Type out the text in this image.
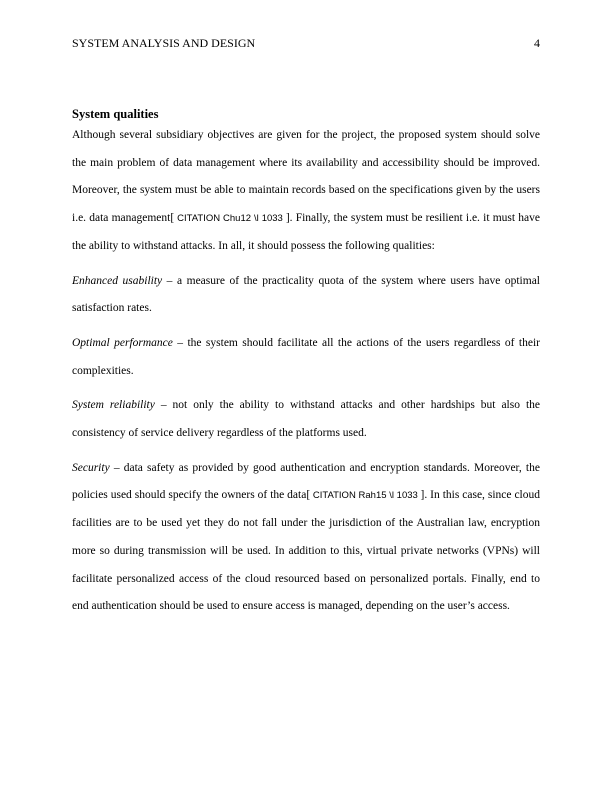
SYSTEM ANALYSIS AND DESIGN	4
System qualities

Although several subsidiary objectives are given for the project, the proposed system should solve the main problem of data management where its availability and accessibility should be improved. Moreover, the system must be able to maintain records based on the specifications given by the users i.e. data management[ CITATION Chu12 \l 1033 ]. Finally, the system must be resilient i.e. it must have the ability to withstand attacks. In all, it should possess the following qualities:

Enhanced usability – a measure of the practicality quota of the system where users have optimal satisfaction rates.

Optimal performance – the system should facilitate all the actions of the users regardless of their complexities.

System reliability – not only the ability to withstand attacks and other hardships but also the consistency of service delivery regardless of the platforms used.

Security – data safety as provided by good authentication and encryption standards. Moreover, the policies used should specify the owners of the data[ CITATION Rah15 \l 1033 ]. In this case, since cloud facilities are to be used yet they do not fall under the jurisdiction of the Australian law, encryption more so during transmission will be used. In addition to this, virtual private networks (VPNs) will facilitate personalized access of the cloud resourced based on personalized portals. Finally, end to end authentication should be used to ensure access is managed, depending on the user’s access.
